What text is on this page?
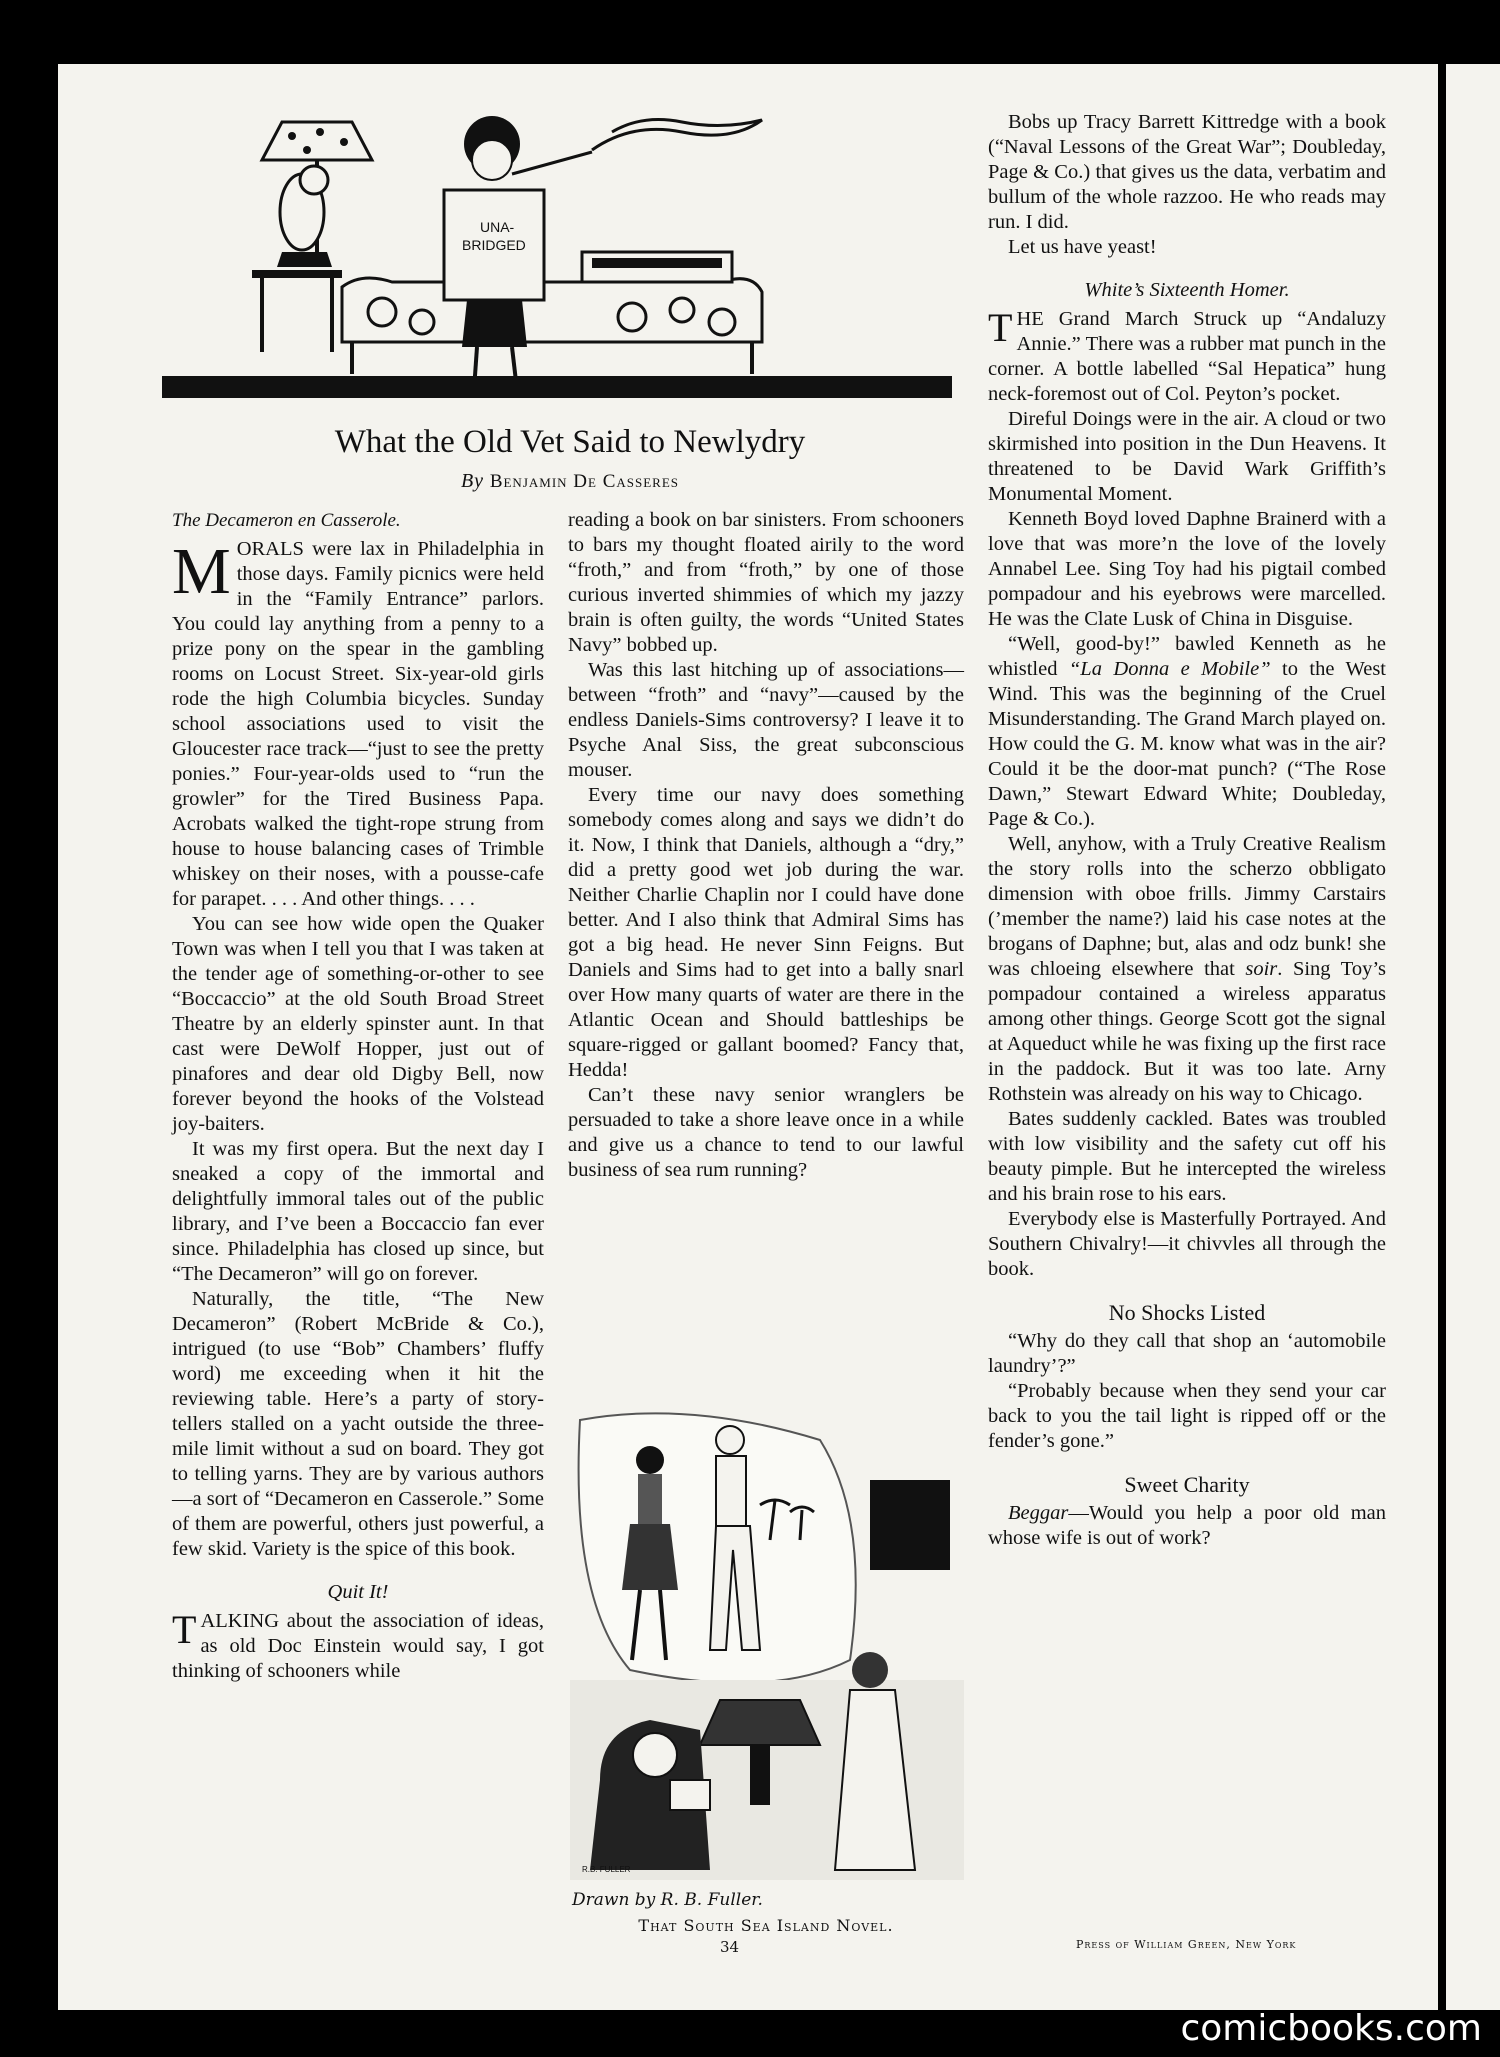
UNA-
BRIDGED
What the Old Vet Said to Newlydry
By Benjamin De Casseres

The Decameron en Casserole.

MORALS were lax in Philadelphia in those days. Family picnics were held in the “Family Entrance” parlors. You could lay anything from a penny to a prize pony on the spear in the gambling rooms on Locust Street. Six-year-old girls rode the high Columbia bicycles. Sunday school associations used to visit the Gloucester race track—“just to see the pretty ponies.” Four-year-olds used to “run the growler” for the Tired Business Papa. Acrobats walked the tight-rope strung from house to house balancing cases of Trimble whiskey on their noses, with a pousse-cafe for parapet. . . . And other things. . . .

You can see how wide open the Quaker Town was when I tell you that I was taken at the tender age of something-or-other to see “Boccaccio” at the old South Broad Street Theatre by an elderly spinster aunt. In that cast were DeWolf Hopper, just out of pinafores and dear old Digby Bell, now forever beyond the hooks of the Volstead joy-baiters.

It was my first opera. But the next day I sneaked a copy of the immortal and delightfully immoral tales out of the public library, and I’ve been a Boccaccio fan ever since. Philadelphia has closed up since, but “The Decameron” will go on forever.

Naturally, the title, “The New Decameron” (Robert McBride & Co.), intrigued (to use “Bob” Chambers’ fluffy word) me exceeding when it hit the reviewing table. Here’s a party of story-tellers stalled on a yacht outside the three-mile limit without a sud on board. They got to telling yarns. They are by various authors—a sort of “Decameron en Casserole.” Some of them are powerful, others just powerful, a few skid. Variety is the spice of this book.

Quit It!

TALKING about the association of ideas, as old Doc Einstein would say, I got thinking of schooners while

reading a book on bar sinisters. From schooners to bars my thought floated airily to the word “froth,” and from “froth,” by one of those curious inverted shimmies of which my jazzy brain is often guilty, the words “United States Navy” bobbed up.

Was this last hitching up of associations—between “froth” and “navy”—caused by the endless Daniels-Sims controversy? I leave it to Psyche Anal Siss, the great subconscious mouser.

Every time our navy does something somebody comes along and says we didn’t do it. Now, I think that Daniels, although a “dry,” did a pretty good wet job during the war. Neither Charlie Chaplin nor I could have done better. And I also think that Admiral Sims has got a big head. He never Sinn Feigns. But Daniels and Sims had to get into a bally snarl over How many quarts of water are there in the Atlantic Ocean and Should battleships be square-rigged or gallant boomed? Fancy that, Hedda!

Can’t these navy senior wranglers be persuaded to take a shore leave once in a while and give us a chance to tend to our lawful business of sea rum running?

R.B. FULLER
Drawn by R. B. Fuller.
That South Sea Island Novel.

Bobs up Tracy Barrett Kittredge with a book (“Naval Lessons of the Great War”; Doubleday, Page & Co.) that gives us the data, verbatim and bullum of the whole razzoo. He who reads may run. I did.

Let us have yeast!

White’s Sixteenth Homer.

THE Grand March Struck up “Andaluzy Annie.” There was a rubber mat punch in the corner. A bottle labelled “Sal Hepatica” hung neck-foremost out of Col. Peyton’s pocket.

Direful Doings were in the air. A cloud or two skirmished into position in the Dun Heavens. It threatened to be David Wark Griffith’s Monumental Moment.

Kenneth Boyd loved Daphne Brainerd with a love that was more’n the love of the lovely Annabel Lee. Sing Toy had his pigtail combed pompadour and his eyebrows were marcelled. He was the Clate Lusk of China in Disguise.

“Well, good-by!” bawled Kenneth as he whistled “La Donna e Mobile” to the West Wind. This was the beginning of the Cruel Misunderstanding. The Grand March played on. How could the G. M. know what was in the air? Could it be the door-mat punch? (“The Rose Dawn,” Stewart Edward White; Doubleday, Page & Co.).

Well, anyhow, with a Truly Creative Realism the story rolls into the scherzo obbligato dimension with oboe frills. Jimmy Carstairs (’member the name?) laid his case notes at the brogans of Daphne; but, alas and odz bunk! she was chloeing elsewhere that soir. Sing Toy’s pompadour contained a wireless apparatus among other things. George Scott got the signal at Aqueduct while he was fixing up the first race in the paddock. But it was too late. Arny Rothstein was already on his way to Chicago.

Bates suddenly cackled. Bates was troubled with low visibility and the safety cut off his beauty pimple. But he intercepted the wireless and his brain rose to his ears.

Everybody else is Masterfully Portrayed. And Southern Chivalry!—it chivvles all through the book.

No Shocks Listed

“Why do they call that shop an ‘automobile laundry’?”

“Probably because when they send your car back to you the tail light is ripped off or the fender’s gone.”

Sweet Charity

Beggar—Would you help a poor old man whose wife is out of work?

34	Press of William Green, New York
comicbooks.com
